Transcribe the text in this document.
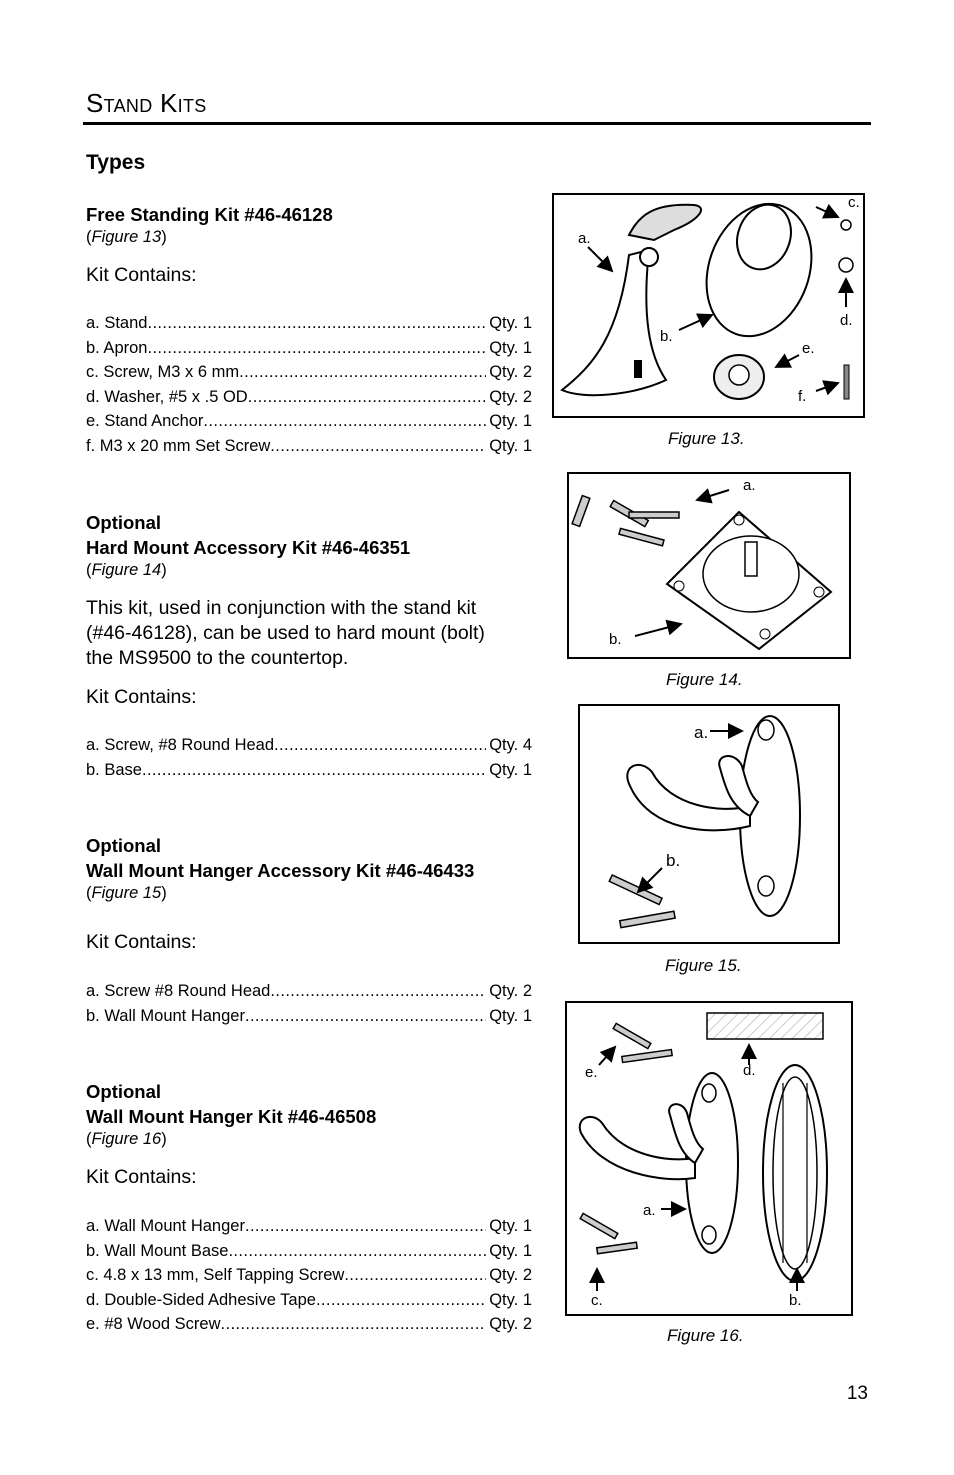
Stand Kits
Types
Free Standing Kit #46-46128
(Figure 13)
Kit Contains:
a. Stand .....	Qty. 1
b. Apron .....	Qty. 1
c. Screw, M3 x 6 mm .....	Qty. 2
d. Washer, #5 x .5 OD .....	Qty. 2
e. Stand Anchor .....	Qty. 1
f. M3 x 20 mm Set Screw .....	Qty. 1
Optional
Hard Mount Accessory Kit #46-46351
(Figure 14)
This kit, used in conjunction with the stand kit
(#46-46128), can be used to hard mount (bolt)
the MS9500 to the countertop.
Kit Contains:
a. Screw, #8 Round Head .....	Qty. 4
b. Base .....	Qty. 1
Optional
Wall Mount Hanger Accessory Kit #46-46433
(Figure 15)
Kit Contains:
a. Screw #8 Round Head .....	Qty. 2
b. Wall Mount Hanger .....	Qty. 1
Optional
Wall Mount Hanger Kit #46-46508
(Figure 16)
Kit Contains:
a. Wall Mount Hanger .....	Qty. 1
b. Wall Mount Base .....	Qty. 1
c. 4.8 x 13 mm, Self Tapping Screw .....	Qty. 2
d. Double-Sided Adhesive Tape .....	Qty. 1
e. #8 Wood Screw .....	Qty. 2
a.
b.
c.
d.
e.
f.
Figure 13.
a.
b.
Figure 14.
a.
b.
Figure 15.
a.
b.
c.
d.
e.
Figure 16.
13
